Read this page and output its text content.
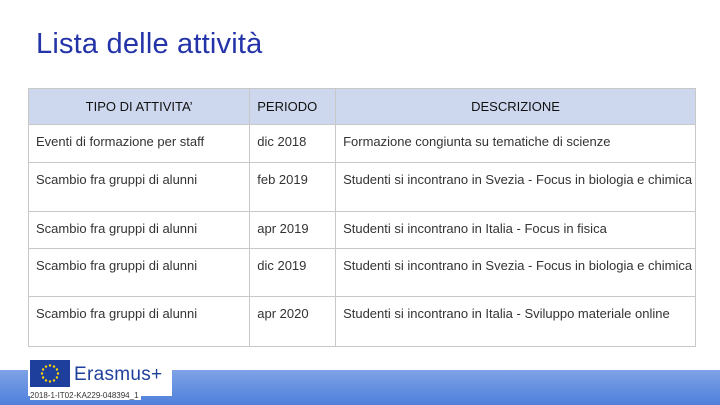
Lista delle attività
TIPO DI ATTIVITA’	PERIODO	DESCRIZIONE
Eventi di formazione per staff	dic 2018	Formazione congiunta su tematiche di scienze
Scambio fra gruppi di alunni	feb 2019	Studenti si incontrano in Svezia - Focus in biologia e chimica
Scambio fra gruppi di alunni	apr 2019	Studenti si incontrano in Italia - Focus in fisica
Scambio fra gruppi di alunni	dic 2019	Studenti si incontrano in Svezia - Focus in biologia e chimica
Scambio fra gruppi di alunni	apr 2020	Studenti si incontrano in Italia - Sviluppo materiale online
Erasmus+
2018-1-IT02-KA229-048394_1
